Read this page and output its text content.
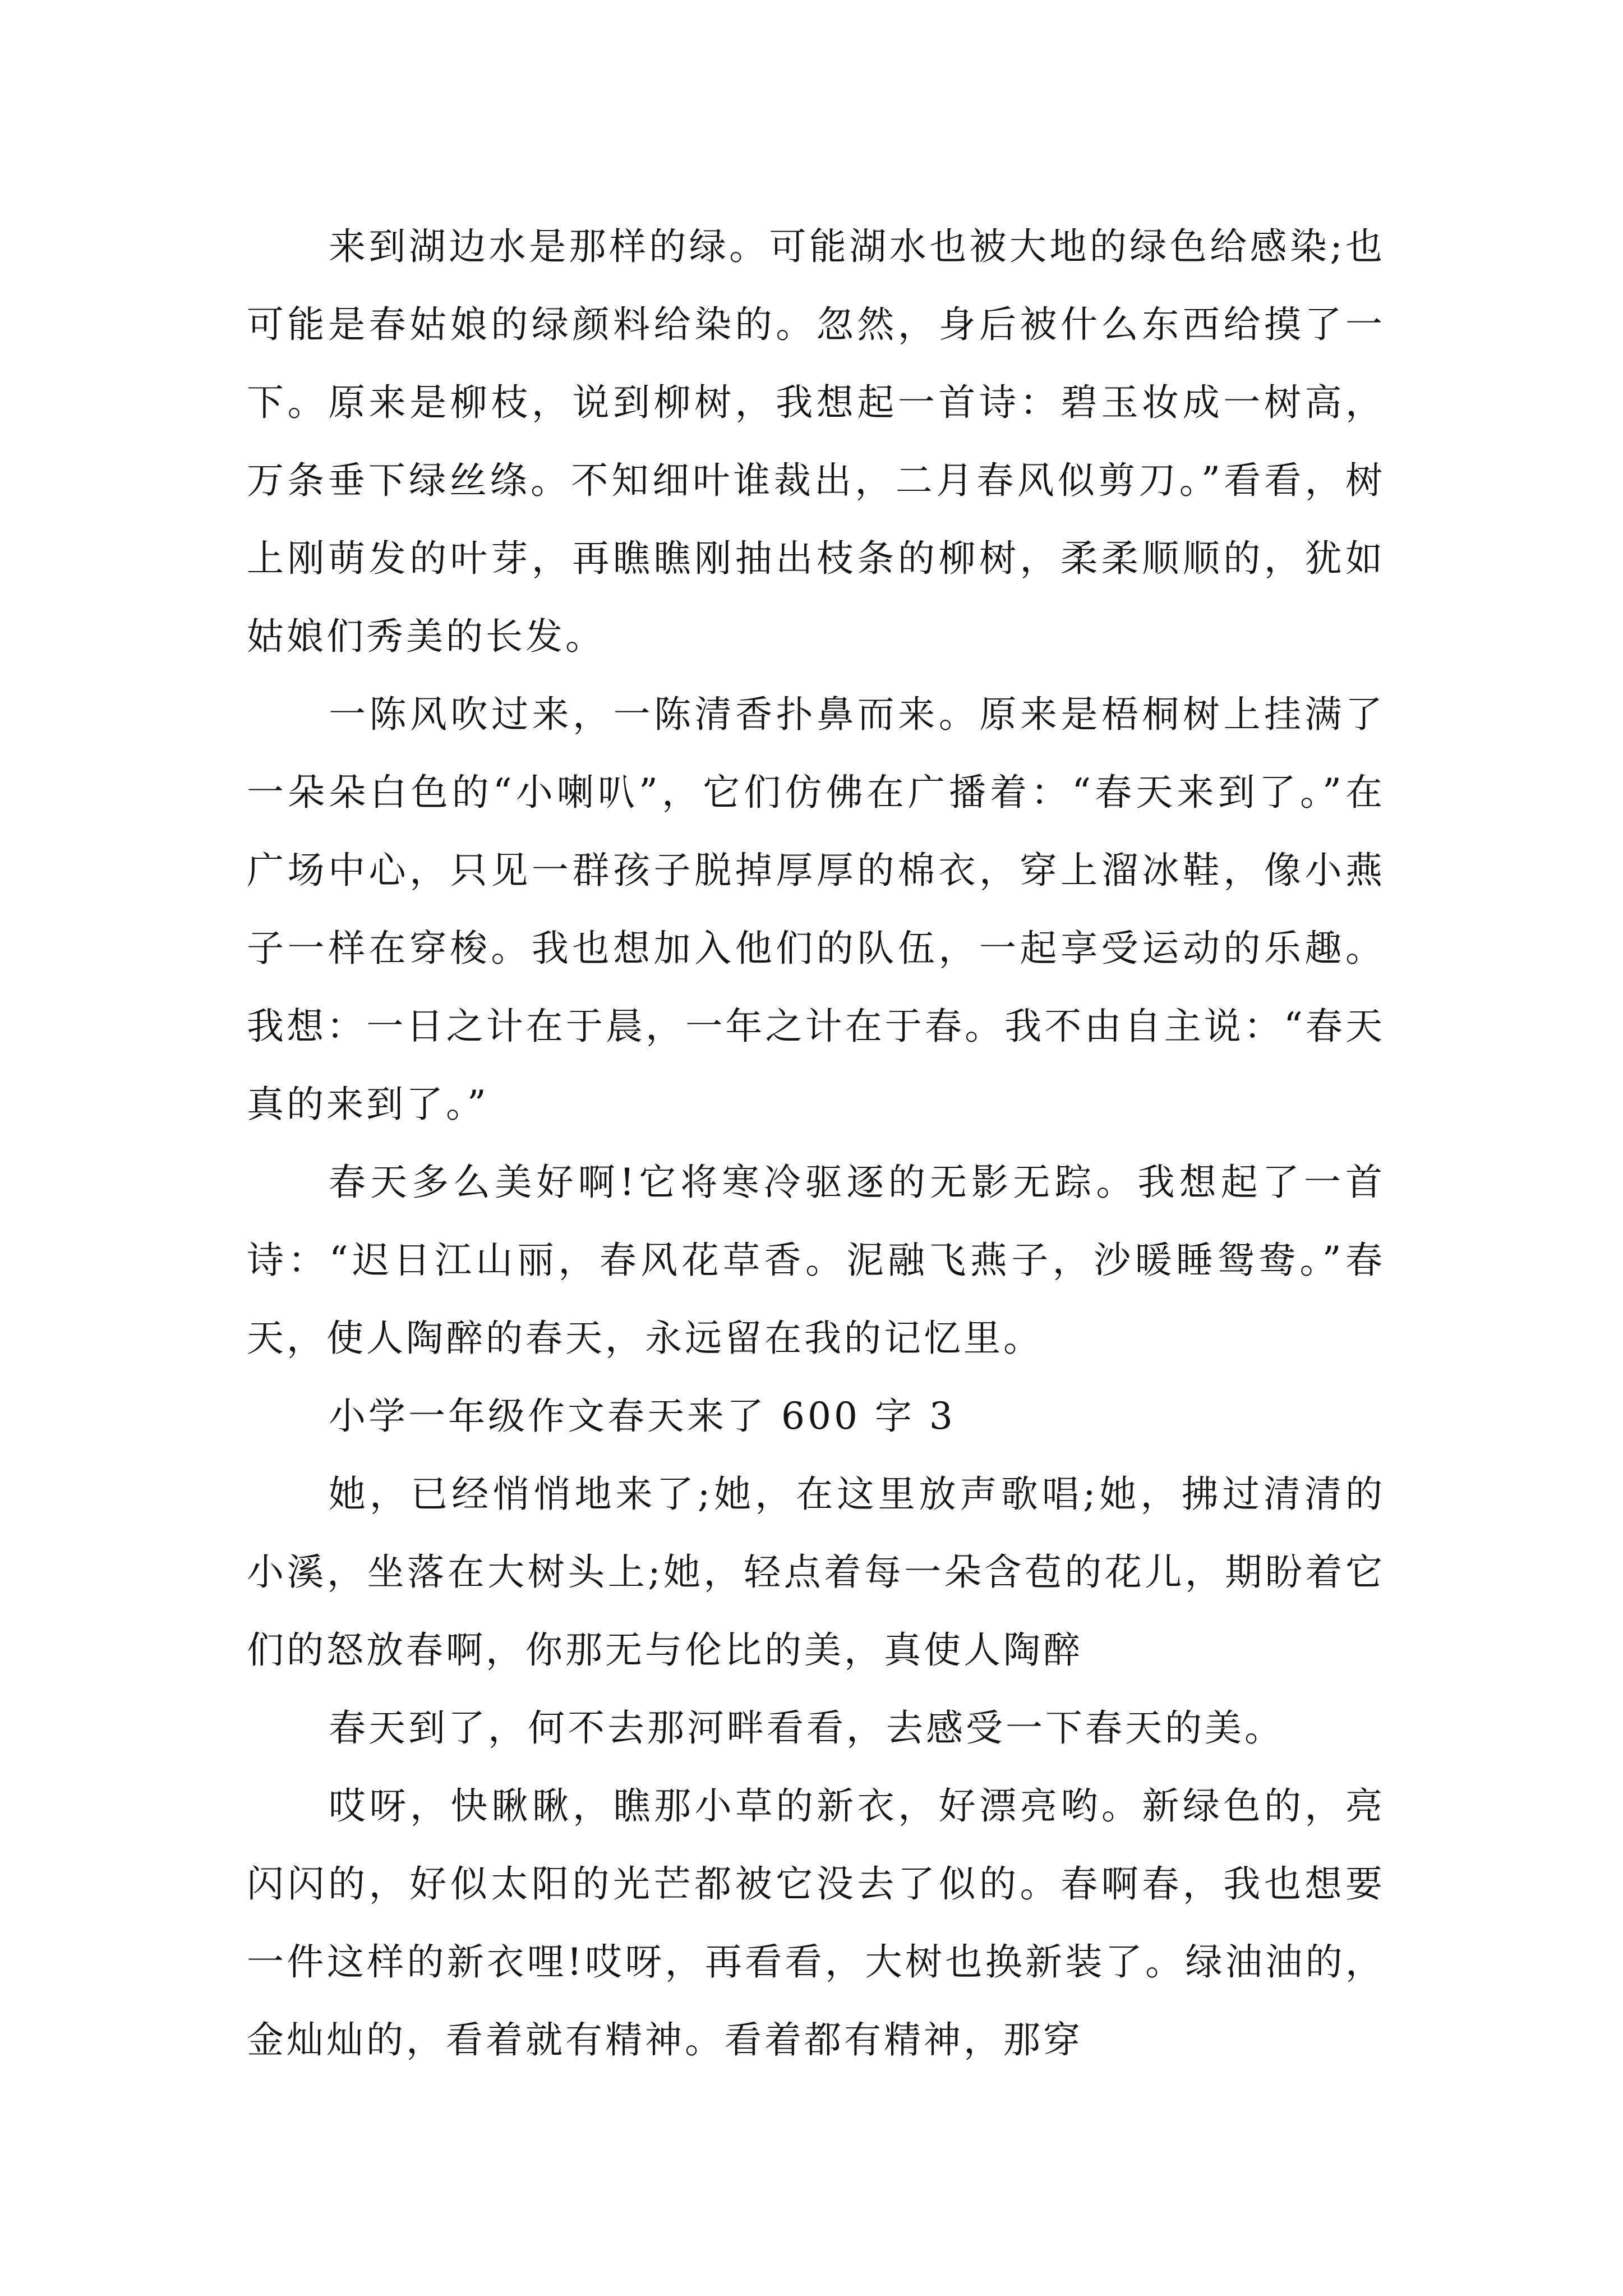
来到湖边水是那样的绿。可能湖水也被大地的绿色给感染;也可能是春姑娘的绿颜料给染的。忽然，身后被什么东西给摸了一下。原来是柳枝，说到柳树，我想起一首诗：碧玉妆成一树高，万条垂下绿丝绦。不知细叶谁裁出，二月春风似剪刀。”看看，树上刚萌发的叶芽，再瞧瞧刚抽出枝条的柳树，柔柔顺顺的，犹如姑娘们秀美的长发。

一陈风吹过来，一陈清香扑鼻而来。原来是梧桐树上挂满了一朵朵白色的“小喇叭”，它们仿佛在广播着：“春天来到了。”在广场中心，只见一群孩子脱掉厚厚的棉衣，穿上溜冰鞋，像小燕子一样在穿梭。我也想加入他们的队伍，一起享受运动的乐趣。我想：一日之计在于晨，一年之计在于春。我不由自主说：“春天真的来到了。”

春天多么美好啊!它将寒冷驱逐的无影无踪。我想起了一首诗：“迟日江山丽，春风花草香。泥融飞燕子，沙暖睡鸳鸯。”春天，使人陶醉的春天，永远留在我的记忆里。

小学一年级作文春天来了 600 字 3

她，已经悄悄地来了;她，在这里放声歌唱;她，拂过清清的小溪，坐落在大树头上;她，轻点着每一朵含苞的花儿，期盼着它们的怒放春啊，你那无与伦比的美，真使人陶醉

春天到了，何不去那河畔看看，去感受一下春天的美。

哎呀，快瞅瞅，瞧那小草的新衣，好漂亮哟。新绿色的，亮闪闪的，好似太阳的光芒都被它没去了似的。春啊春，我也想要一件这样的新衣哩!哎呀，再看看，大树也换新装了。绿油油的，金灿灿的，看着就有精神。看着都有精神，那穿
